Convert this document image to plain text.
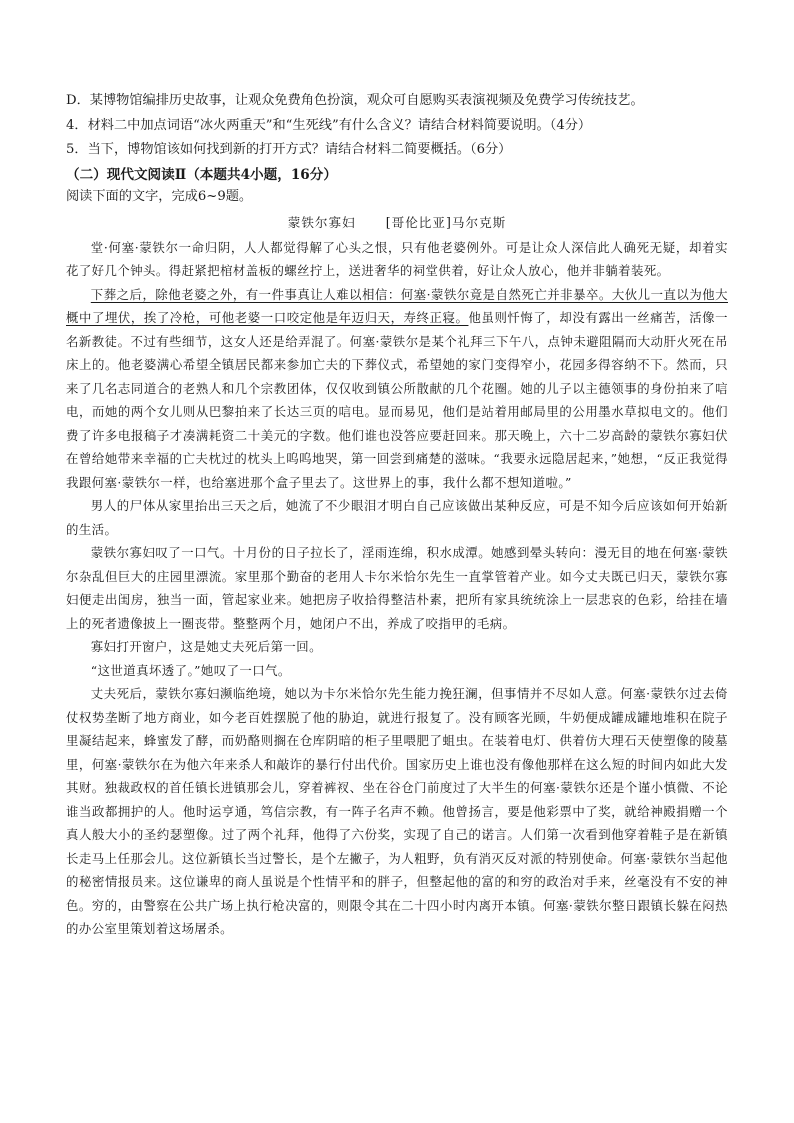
D．某博物馆编排历史故事，让观众免费角色扮演，观众可自愿购买表演视频及免费学习传统技艺。

4．材料二中加点词语“冰火两重天”和“生死线”有什么含义？请结合材料简要说明。（4分）

5．当下，博物馆该如何找到新的打开方式？请结合材料二简要概括。（6分）

（二）现代文阅读Ⅱ（本题共4小题，16分）

阅读下面的文字，完成6~9题。

蒙铁尔寡妇 [哥伦比亚]马尔克斯

堂·何塞·蒙铁尔一命归阴，人人都觉得解了心头之恨，只有他老婆例外。可是让众人深信此人确死无疑，却着实花了好几个钟头。得赶紧把棺材盖板的螺丝拧上，送进奢华的祠堂供着，好让众人放心，他并非躺着装死。

下葬之后，除他老婆之外，有一件事真让人难以相信：何塞·蒙铁尔竟是自然死亡并非暴卒。大伙儿一直以为他大概中了埋伏，挨了冷枪，可他老婆一口咬定他是年迈归天，寿终正寝。他虽则忏悔了，却没有露出一丝痛苦，活像一名新教徒。不过有些细节，这女人还是给弄混了。何塞·蒙铁尔是某个礼拜三下午八，点钟未避阻隔而大动肝火死在吊床上的。他老婆满心希望全镇居民都来参加亡夫的下葬仪式，希望她的家门变得窄小，花园多得容纳不下。然而，只来了几名志同道合的老熟人和几个宗教团体，仅仅收到镇公所散献的几个花圈。她的儿子以主德领事的身份拍来了唁电，而她的两个女儿则从巴黎拍来了长达三页的唁电。显而易见，他们是站着用邮局里的公用墨水草拟电文的。他们费了许多电报稿子才凑满耗资二十美元的字数。他们谁也没答应要赶回来。那天晚上，六十二岁高龄的蒙铁尔寡妇伏在曾给她带来幸福的亡夫枕过的枕头上呜呜地哭，第一回尝到痛楚的滋味。“我要永远隐居起来，”她想，“反正我觉得我跟何塞·蒙铁尔一样，也给塞进那个盒子里去了。这世界上的事，我什么都不想知道啦。”

男人的尸体从家里抬出三天之后，她流了不少眼泪才明白自己应该做出某种反应，可是不知今后应该如何开始新的生活。

蒙铁尔寡妇叹了一口气。十月份的日子拉长了，淫雨连绵，积水成潭。她感到晕头转向：漫无目的地在何塞·蒙铁尔杂乱但巨大的庄园里漂流。家里那个勤奋的老用人卡尔米恰尔先生一直掌管着产业。如今丈夫既已归天，蒙铁尔寡妇便走出闺房，独当一面，管起家业来。她把房子收拾得整洁朴素，把所有家具统统涂上一层悲哀的色彩，给挂在墙上的死者遗像披上一圈丧带。整整两个月，她闭户不出，养成了咬指甲的毛病。

寡妇打开窗户，这是她丈夫死后第一回。

“这世道真坏透了。”她叹了一口气。

丈夫死后，蒙铁尔寡妇濒临绝境，她以为卡尔米恰尔先生能力挽狂澜，但事情并不尽如人意。何塞·蒙铁尔过去倚仗权势垄断了地方商业，如今老百姓摆脱了他的胁迫，就进行报复了。没有顾客光顾，牛奶便成罐成罐地堆积在院子里凝结起来，蜂蜜发了酵，而奶酪则搁在仓库阴暗的柜子里喂肥了蛆虫。在装着电灯、供着仿大理石天使塑像的陵墓里，何塞·蒙铁尔在为他六年来杀人和敲诈的暴行付出代价。国家历史上谁也没有像他那样在这么短的时间内如此大发其财。独裁政权的首任镇长进镇那会儿，穿着裤衩、坐在谷仓门前度过了大半生的何塞·蒙铁尔还是个谨小慎微、不论谁当政都拥护的人。他时运亨通，笃信宗教，有一阵子名声不赖。他曾扬言，要是他彩票中了奖，就给神殿捐赠一个真人般大小的圣约瑟塑像。过了两个礼拜，他得了六份奖，实现了自己的诺言。人们第一次看到他穿着鞋子是在新镇长走马上任那会儿。这位新镇长当过警长，是个左撇子，为人粗野，负有消灭反对派的特别使命。何塞·蒙铁尔当起他的秘密情报员来。这位谦卑的商人虽说是个性情平和的胖子，但整起他的富的和穷的政治对手来，丝毫没有不安的神色。穷的，由警察在公共广场上执行枪决富的，则限令其在二十四小时内离开本镇。何塞·蒙铁尔整日跟镇长躲在闷热的办公室里策划着这场屠杀。
